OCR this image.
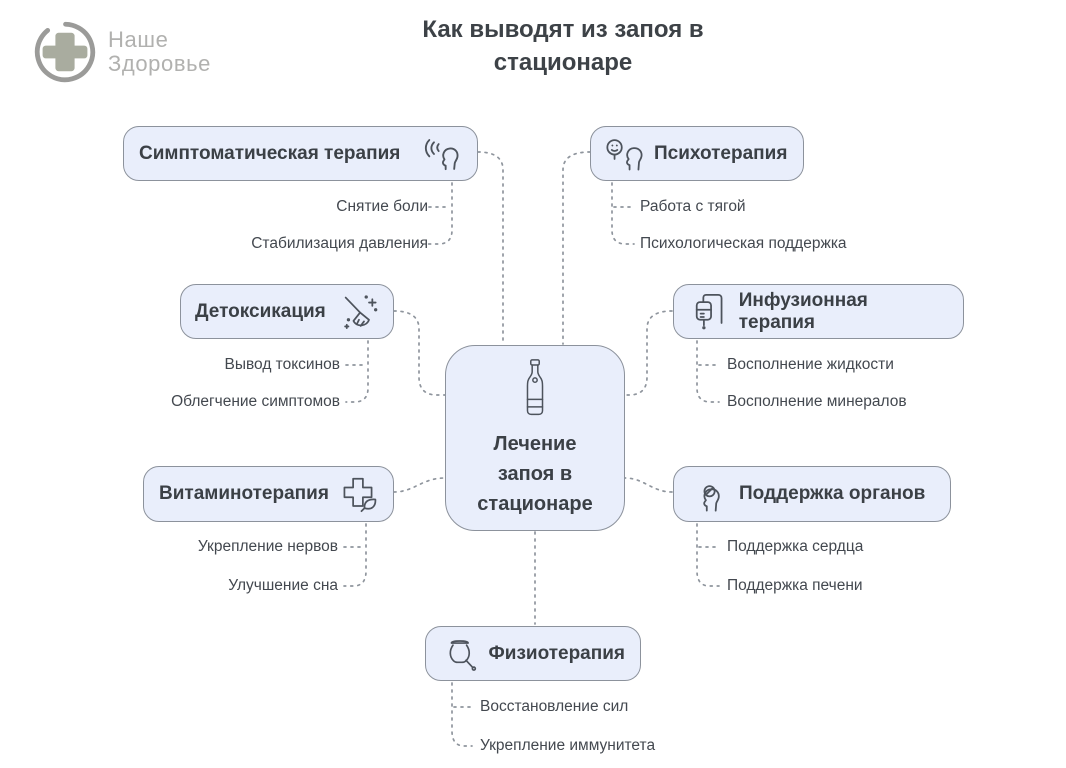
Наше
Здоровье
Как выводят из запоя в стационаре
Симптоматическая терапия
Снятие боли
Стабилизация давления
Психотерапия
Работа с тягой
Психологическая поддержка
Детоксикация
Вывод токсинов
Облегчение симптомов
Инфузионная терапия
Восполнение жидкости
Восполнение минералов
Витаминотерапия
Укрепление нервов
Улучшение сна
Поддержка органов
Поддержка сердца
Поддержка печени
Физиотерапия
Восстановление сил
Укрепление иммунитета
Лечение запоя в стационаре
